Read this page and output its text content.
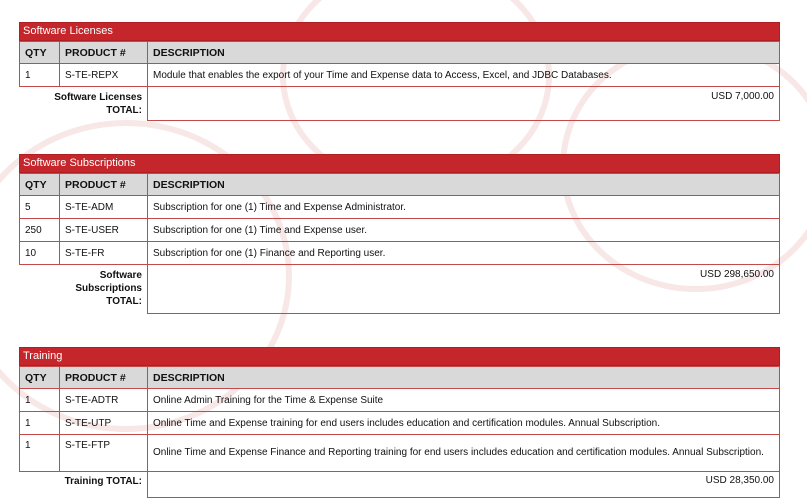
Software Licenses
QTY	PRODUCT #	DESCRIPTION
1	S-TE-REPX	Module that enables the export of your Time and Expense data to Access, Excel, and JDBC Databases.

Software Licenses
TOTAL:		USD 7,000.00
Software Subscriptions
QTY	PRODUCT #	DESCRIPTION
5	S-TE-ADM	Subscription for one (1) Time and Expense Administrator.
250	S-TE-USER	Subscription for one (1) Time and Expense user.
10	S-TE-FR	Subscription for one (1) Finance and Reporting user.

Software
Subscriptions
TOTAL:		USD 298,650.00
Training
QTY	PRODUCT #	DESCRIPTION
1	S-TE-ADTR	Online Admin Training for the Time & Expense Suite
1	S-TE-UTP	Online Time and Expense training for end users includes education and certification modules. Annual Subscription.
1	S-TE-FTP	Online Time and Expense Finance and Reporting training for end users includes education and certification modules. Annual Subscription.

Training TOTAL:		USD 28,350.00
